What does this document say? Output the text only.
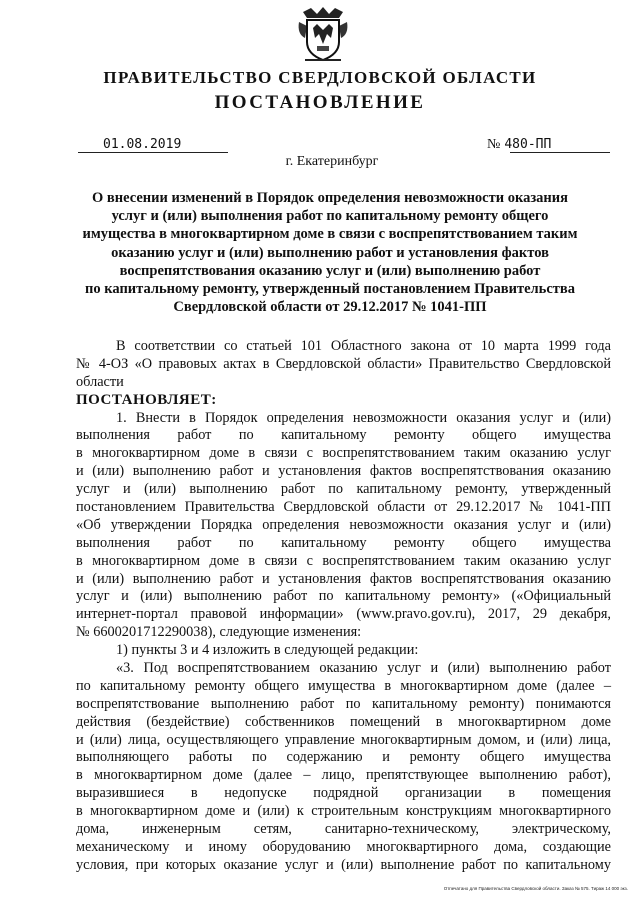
ПРАВИТЕЛЬСТВО СВЕРДЛОВСКОЙ ОБЛАСТИ
ПОСТАНОВЛЕНИЕ
01.08.2019	№ 480-ПП
г. Екатеринбург
О внесении изменений в Порядок определения невозможности оказания
услуг и (или) выполнения работ по капитальному ремонту общего
имущества в многоквартирном доме в связи с воспрепятствованием таким
оказанию услуг и (или) выполнению работ и установления фактов
воспрепятствования оказанию услуг и (или) выполнению работ
по капитальному ремонту, утвержденный постановлением Правительства
Свердловской области от 29.12.2017 № 1041-ПП
В соответствии со статьей 101 Областного закона от 10 марта 1999 года
№ 4-ОЗ «О правовых актах в Свердловской области» Правительство Свердловской
области
ПОСТАНОВЛЯЕТ:
1. Внести в Порядок определения невозможности оказания услуг и (или)
выполнения работ по капитальному ремонту общего имущества
в многоквартирном доме в связи с воспрепятствованием таким оказанию услуг
и (или) выполнению работ и установления фактов воспрепятствования оказанию
услуг и (или) выполнению работ по капитальному ремонту, утвержденный
постановлением Правительства Свердловской области от 29.12.2017 № 1041-ПП
«Об утверждении Порядка определения невозможности оказания услуг и (или)
выполнения работ по капитальному ремонту общего имущества
в многоквартирном доме в связи с воспрепятствованием таким оказанию услуг
и (или) выполнению работ и установления фактов воспрепятствования оказанию
услуг и (или) выполнению работ по капитальному ремонту» («Официальный
интернет-портал правовой информации» (www.pravo.gov.ru), 2017, 29 декабря,
№ 6600201712290038), следующие изменения:
1) пункты 3 и 4 изложить в следующей редакции:
«3. Под воспрепятствованием оказанию услуг и (или) выполнению работ
по капитальному ремонту общего имущества в многоквартирном доме (далее –
воспрепятствование выполнению работ по капитальному ремонту) понимаются
действия (бездействие) собственников помещений в многоквартирном доме
и (или) лица, осуществляющего управление многоквартирным домом, и (или) лица,
выполняющего работы по содержанию и ремонту общего имущества
в многоквартирном доме (далее – лицо, препятствующее выполнению работ),
выразившиеся в недопуске подрядной организации в помещения
в многоквартирном доме и (или) к строительным конструкциям многоквартирного
дома, инженерным сетям, санитарно-техническому, электрическому,
механическому и иному оборудованию многоквартирного дома, создающие
условия, при которых оказание услуг и (или) выполнение работ по капитальному
Отпечатано для Правительства Свердловской области. Заказ № 575. Тираж 14 000 экз.
